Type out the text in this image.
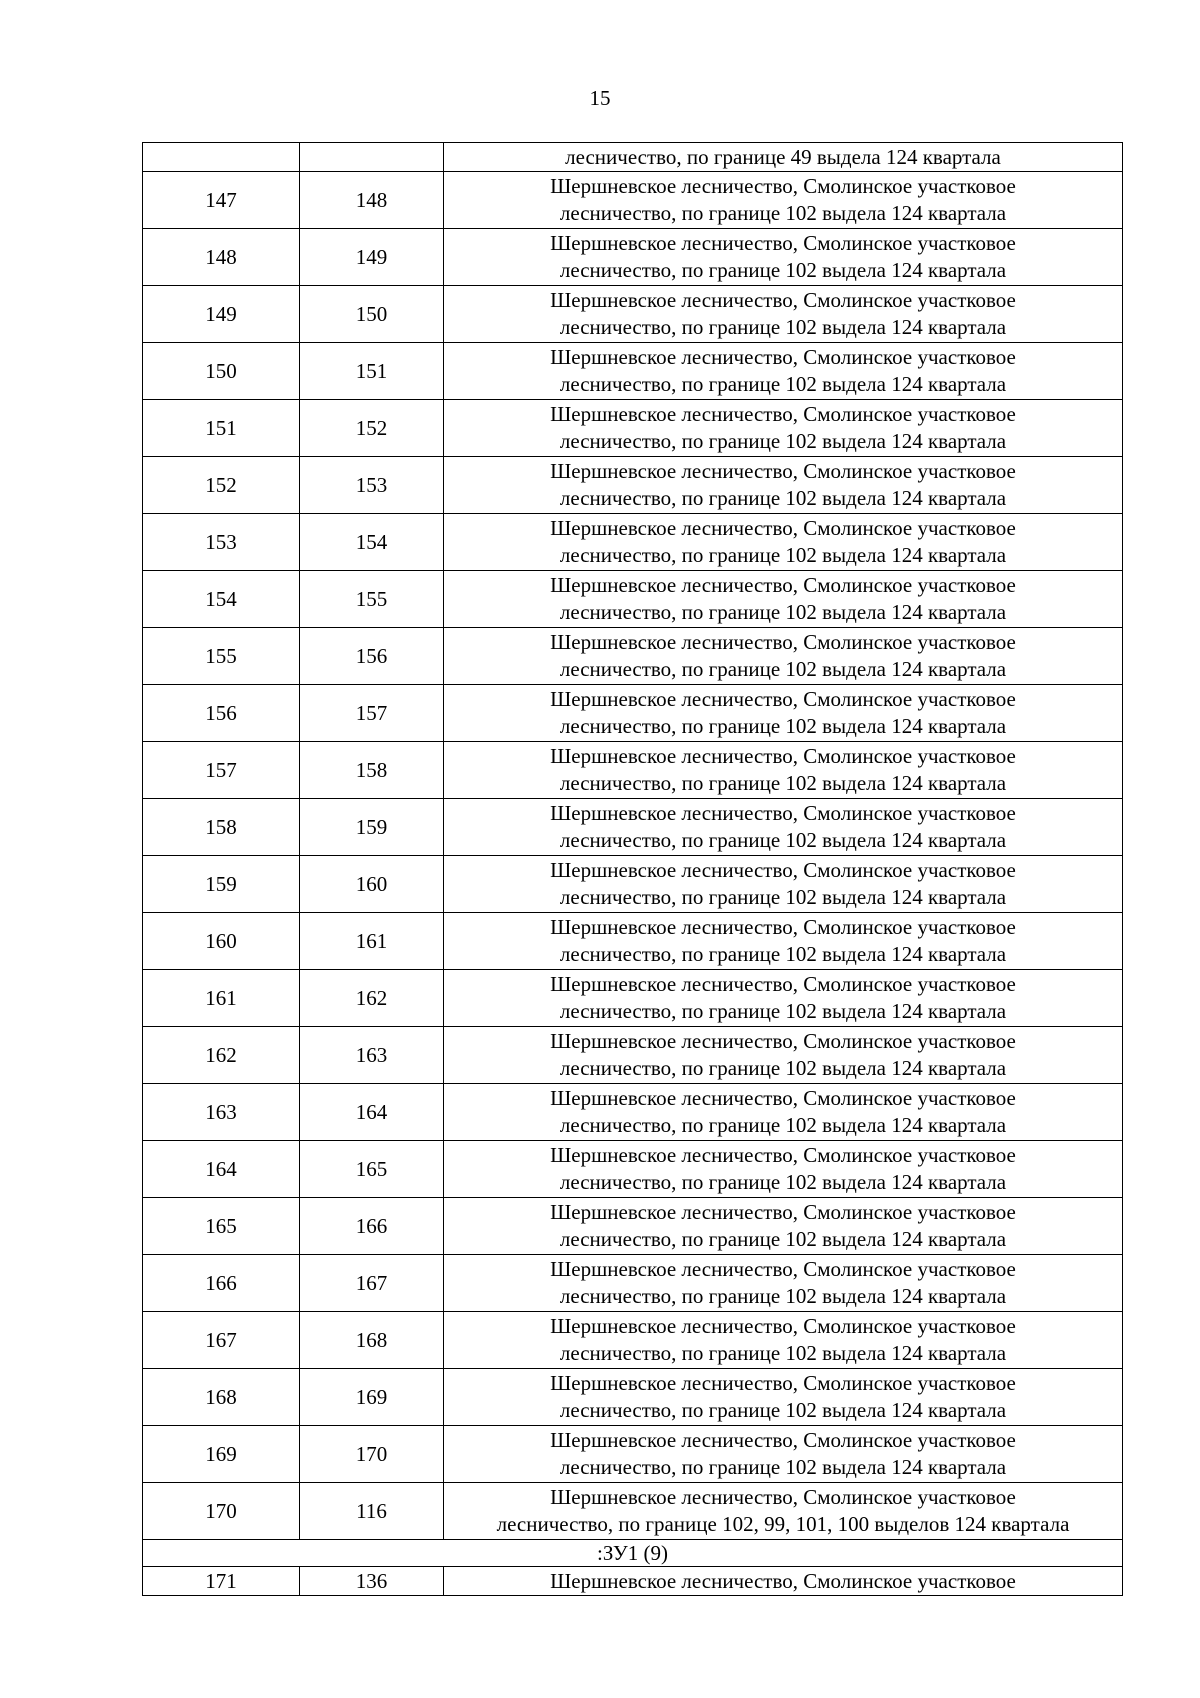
15
		лесничество, по границе 49 выдела 124 квартала
147	148	Шершневское лесничество, Смолинское участковое
лесничество, по границе 102 выдела 124 квартала

148	149	Шершневское лесничество, Смолинское участковое
лесничество, по границе 102 выдела 124 квартала

149	150	Шершневское лесничество, Смолинское участковое
лесничество, по границе 102 выдела 124 квартала

150	151	Шершневское лесничество, Смолинское участковое
лесничество, по границе 102 выдела 124 квартала

151	152	Шершневское лесничество, Смолинское участковое
лесничество, по границе 102 выдела 124 квартала

152	153	Шершневское лесничество, Смолинское участковое
лесничество, по границе 102 выдела 124 квартала

153	154	Шершневское лесничество, Смолинское участковое
лесничество, по границе 102 выдела 124 квартала

154	155	Шершневское лесничество, Смолинское участковое
лесничество, по границе 102 выдела 124 квартала

155	156	Шершневское лесничество, Смолинское участковое
лесничество, по границе 102 выдела 124 квартала

156	157	Шершневское лесничество, Смолинское участковое
лесничество, по границе 102 выдела 124 квартала

157	158	Шершневское лесничество, Смолинское участковое
лесничество, по границе 102 выдела 124 квартала

158	159	Шершневское лесничество, Смолинское участковое
лесничество, по границе 102 выдела 124 квартала

159	160	Шершневское лесничество, Смолинское участковое
лесничество, по границе 102 выдела 124 квартала

160	161	Шершневское лесничество, Смолинское участковое
лесничество, по границе 102 выдела 124 квартала

161	162	Шершневское лесничество, Смолинское участковое
лесничество, по границе 102 выдела 124 квартала

162	163	Шершневское лесничество, Смолинское участковое
лесничество, по границе 102 выдела 124 квартала

163	164	Шершневское лесничество, Смолинское участковое
лесничество, по границе 102 выдела 124 квартала

164	165	Шершневское лесничество, Смолинское участковое
лесничество, по границе 102 выдела 124 квартала

165	166	Шершневское лесничество, Смолинское участковое
лесничество, по границе 102 выдела 124 квартала

166	167	Шершневское лесничество, Смолинское участковое
лесничество, по границе 102 выдела 124 квартала

167	168	Шершневское лесничество, Смолинское участковое
лесничество, по границе 102 выдела 124 квартала

168	169	Шершневское лесничество, Смолинское участковое
лесничество, по границе 102 выдела 124 квартала

169	170	Шершневское лесничество, Смолинское участковое
лесничество, по границе 102 выдела 124 квартала

170	116	Шершневское лесничество, Смолинское участковое
лесничество, по границе 102, 99, 101, 100 выделов 124 квартала

:ЗУ1 (9)		
171	136	Шершневское лесничество, Смолинское участковое
